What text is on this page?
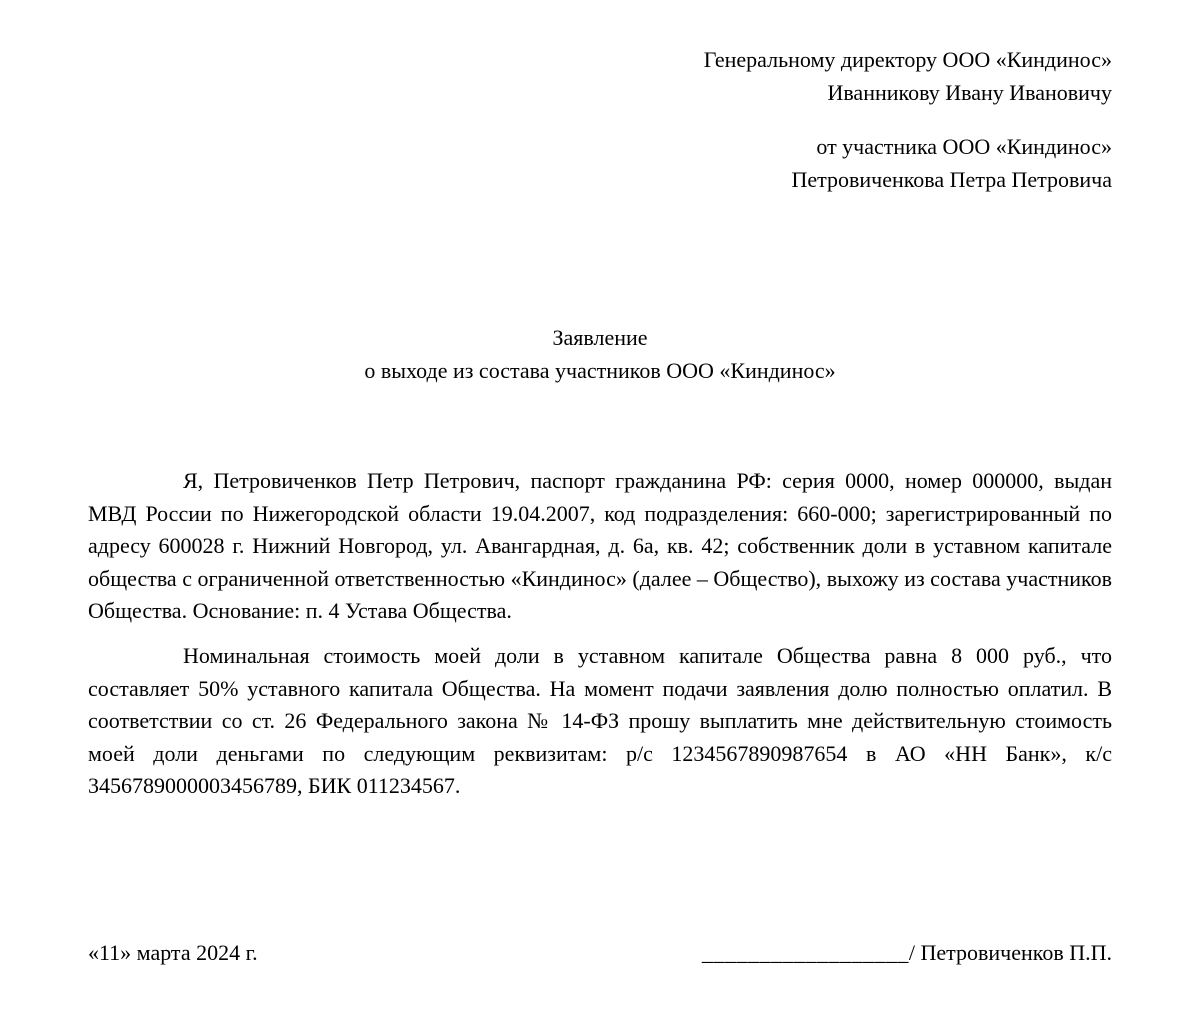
Генеральному директору ООО «Киндинос»
Иванникову Ивану Ивановичу
от участника ООО «Киндинос»
Петровиченкова Петра Петровича
Заявление
о выходе из состава участников ООО «Киндинос»

Я, Петровиченков Петр Петрович, паспорт гражданина РФ: серия 0000, номер 000000, выдан МВД России по Нижегородской области 19.04.2007, код подразделения: 660-000; зарегистрированный по адресу 600028 г. Нижний Новгород, ул. Авангардная, д. 6а, кв. 42; собственник доли в уставном капитале общества с ограниченной ответственностью «Киндинос» (далее – Общество), выхожу из состава участников Общества. Основание: п. 4 Устава Общества.

Номинальная стоимость моей доли в уставном капитале Общества равна 8 000 руб., что составляет 50% уставного капитала Общества. На момент подачи заявления долю полностью оплатил. В соответствии со ст. 26 Федерального закона № 14-ФЗ прошу выплатить мне действительную стоимость моей доли деньгами по следующим реквизитам: р/с 1234567890987654 в АО «НН Банк», к/с 3456789000003456789, БИК 011234567.

«11» марта 2024 г.	__________________/ Петровиченков П.П.
